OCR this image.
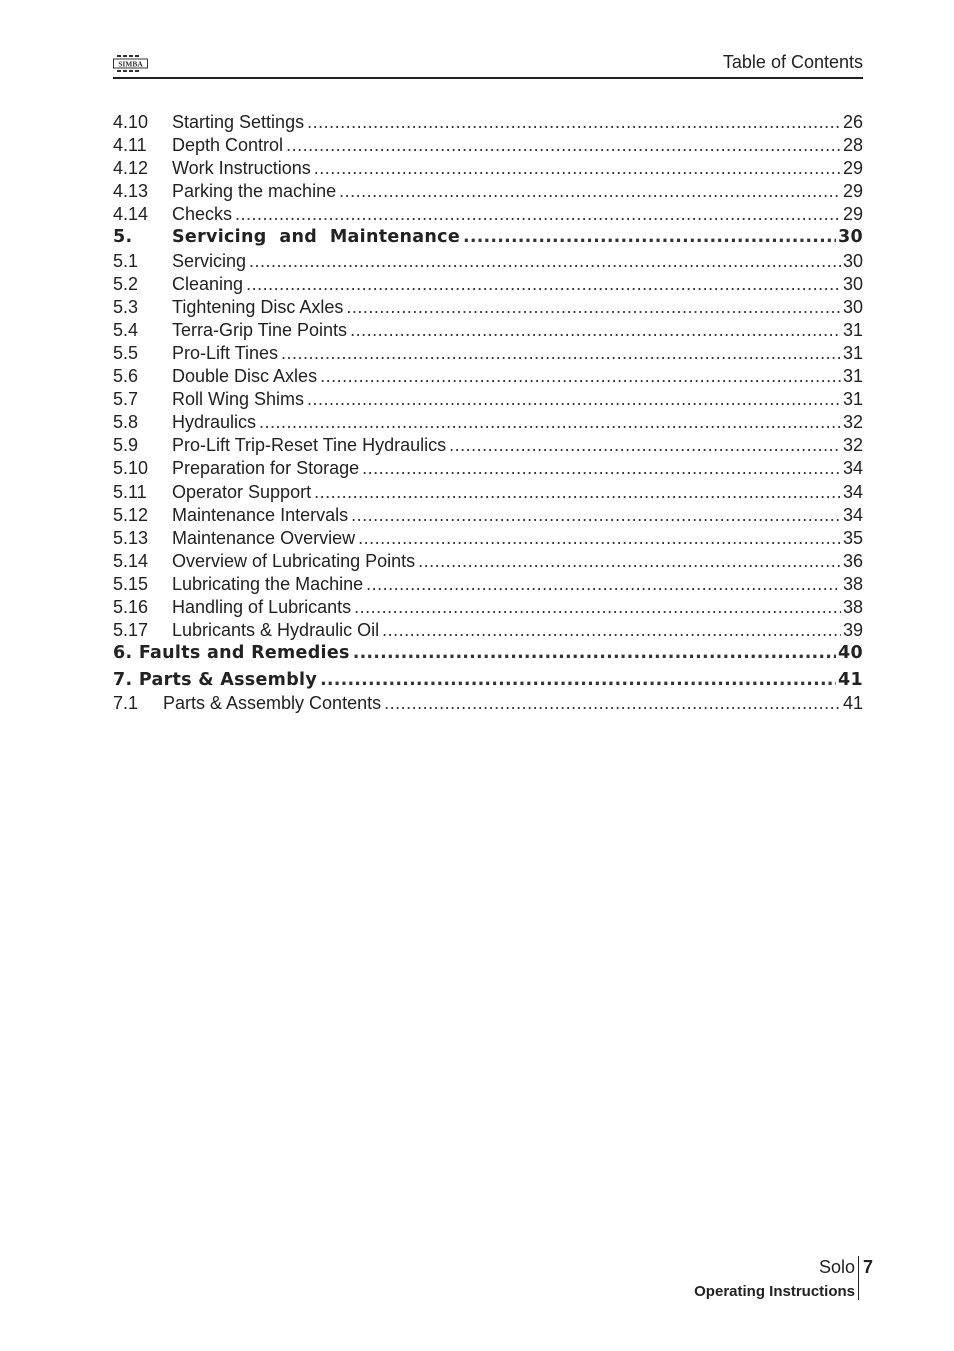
SIMBA	Table of Contents
4.10	Starting Settings .....	26
4.11	Depth Control .....	28
4.12	Work Instructions .....	29
4.13	Parking the machine .....	29
4.14	Checks .....	29
5.	Servicing  and  Maintenance .....	30
5.1	Servicing .....	30
5.2	Cleaning .....	30
5.3	Tightening Disc Axles .....	30
5.4	Terra-Grip Tine Points .....	31
5.5	Pro-Lift Tines .....	31
5.6	Double Disc Axles .....	31
5.7	Roll Wing Shims .....	31
5.8	Hydraulics .....	32
5.9	Pro-Lift Trip-Reset Tine Hydraulics .....	32
5.10	Preparation for Storage .....	34
5.11	Operator Support .....	34
5.12	Maintenance Intervals .....	34
5.13	Maintenance Overview .....	35
5.14	Overview of Lubricating Points .....	36
5.15	Lubricating the Machine .....	38
5.16	Handling of Lubricants .....	38
5.17	Lubricants & Hydraulic Oil .....	39
6. Faults and Remedies .....	40
7. Parts & Assembly .....	41
7.1	Parts & Assembly Contents .....	41
Solo
Operating Instructions
7
